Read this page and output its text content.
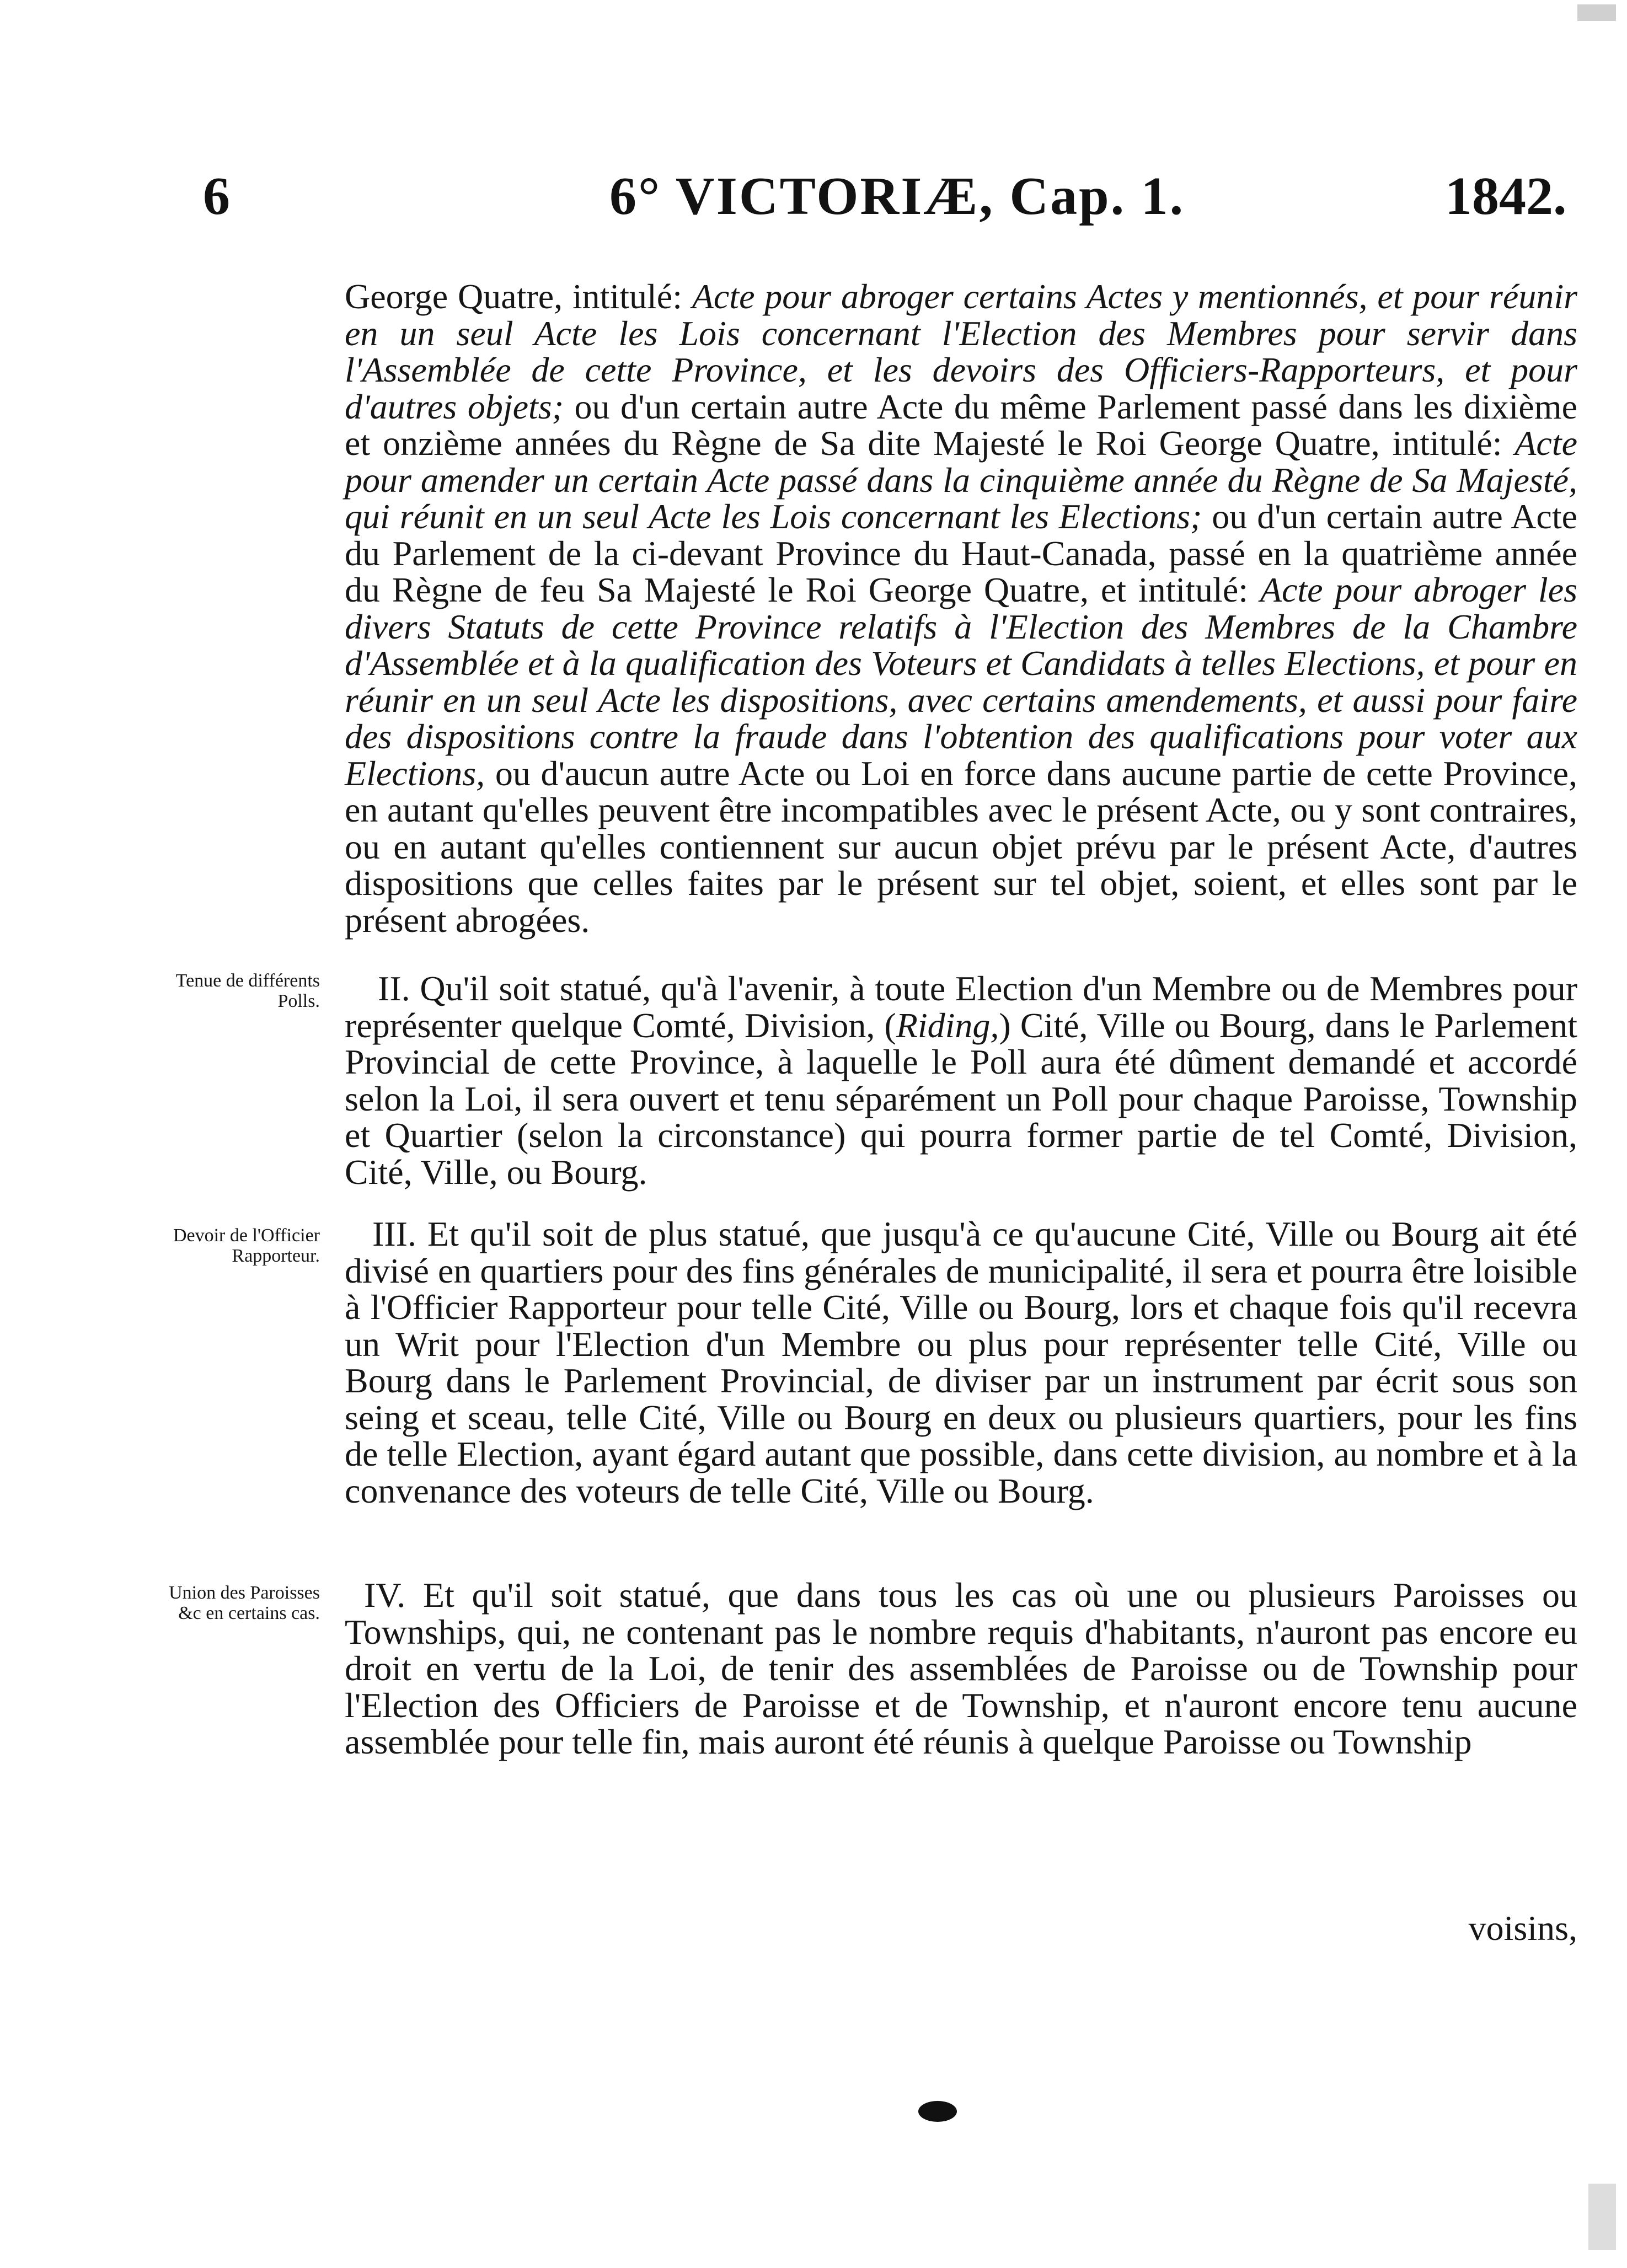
6	6° VICTORIÆ, Cap. 1.	1842.
George Quatre, intitulé: Acte pour abroger certains Actes y mentionnés, et pour réunir en un seul Acte les Lois concernant l'Election des Membres pour servir dans l'Assemblée de cette Province, et les devoirs des Officiers-Rapporteurs, et pour d'autres objets; ou d'un certain autre Acte du même Parlement passé dans les dixième et onzième années du Règne de Sa dite Majesté le Roi George Quatre, intitulé: Acte pour amender un certain Acte passé dans la cinquième année du Règne de Sa Majesté, qui réunit en un seul Acte les Lois concernant les Elections; ou d'un certain autre Acte du Parlement de la ci-devant Province du Haut-Canada, passé en la quatrième année du Règne de feu Sa Majesté le Roi George Quatre, et intitulé: Acte pour abroger les divers Statuts de cette Province relatifs à l'Election des Membres de la Chambre d'Assemblée et à la qualification des Voteurs et Candidats à telles Elections, et pour en réunir en un seul Acte les dispositions, avec certains amendements, et aussi pour faire des dispositions contre la fraude dans l'obtention des qualifications pour voter aux Elections, ou d'aucun autre Acte ou Loi en force dans aucune partie de cette Province, en autant qu'elles peuvent être incompatibles avec le présent Acte, ou y sont contraires, ou en autant qu'elles contiennent sur aucun objet prévu par le présent Acte, d'autres dispositions que celles faites par le présent sur tel objet, soient, et elles sont par le présent abrogées.
Tenue de différents Polls.	II. Qu'il soit statué, qu'à l'avenir, à toute Election d'un Membre ou de Membres pour représenter quelque Comté, Division, (Riding,) Cité, Ville ou Bourg, dans le Parlement Provincial de cette Province, à laquelle le Poll aura été dûment demandé et accordé selon la Loi, il sera ouvert et tenu séparément un Poll pour chaque Paroisse, Township et Quartier (selon la circonstance) qui pourra former partie de tel Comté, Division, Cité, Ville, ou Bourg.
Devoir de l'Officier Rapporteur.
III. Et qu'il soit de plus statué, que jusqu'à ce qu'aucune Cité, Ville ou Bourg ait été divisé en quartiers pour des fins générales de municipalité, il sera et pourra être loisible à l'Officier Rapporteur pour telle Cité, Ville ou Bourg, lors et chaque fois qu'il recevra un Writ pour l'Election d'un Membre ou plus pour représenter telle Cité, Ville ou Bourg dans le Parlement Provincial, de diviser par un instrument par écrit sous son seing et sceau, telle Cité, Ville ou Bourg en deux ou plusieurs quartiers, pour les fins de telle Election, ayant égard autant que possible, dans cette division, au nombre et à la convenance des voteurs de telle Cité, Ville ou Bourg.
Union des Paroisses &c en certains cas.	IV. Et qu'il soit statué, que dans tous les cas où une ou plusieurs Paroisses ou Townships, qui, ne contenant pas le nombre requis d'habitants, n'auront pas encore eu droit en vertu de la Loi, de tenir des assemblées de Paroisse ou de Township pour l'Election des Officiers de Paroisse et de Township, et n'auront encore tenu aucune assemblée pour telle fin, mais auront été réunis à quelque Paroisse ou Township
voisins,
